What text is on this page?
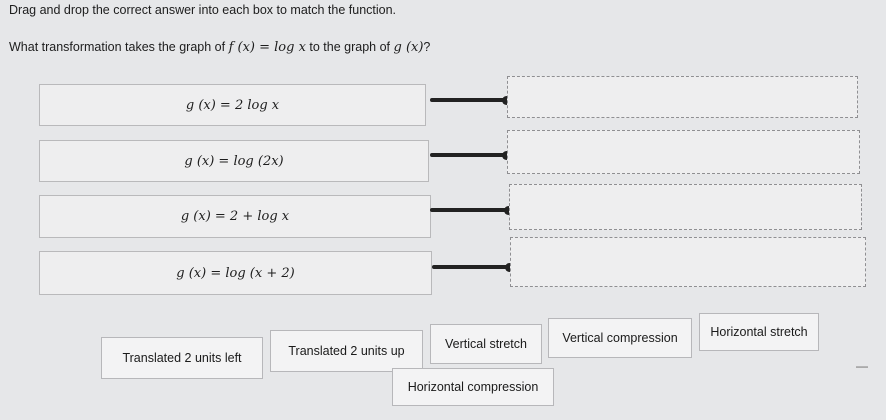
Drag and drop the correct answer into each box to match the function.
What transformation takes the graph of f (x) = log x to the graph of g (x)?
g (x) = 2 log x
g (x) = log (2x)
g (x) = 2 + log x
g (x) = log (x + 2)
Translated 2 units left	Translated 2 units up	Vertical stretch	Vertical compression	Horizontal stretch
Horizontal compression
▬▬
